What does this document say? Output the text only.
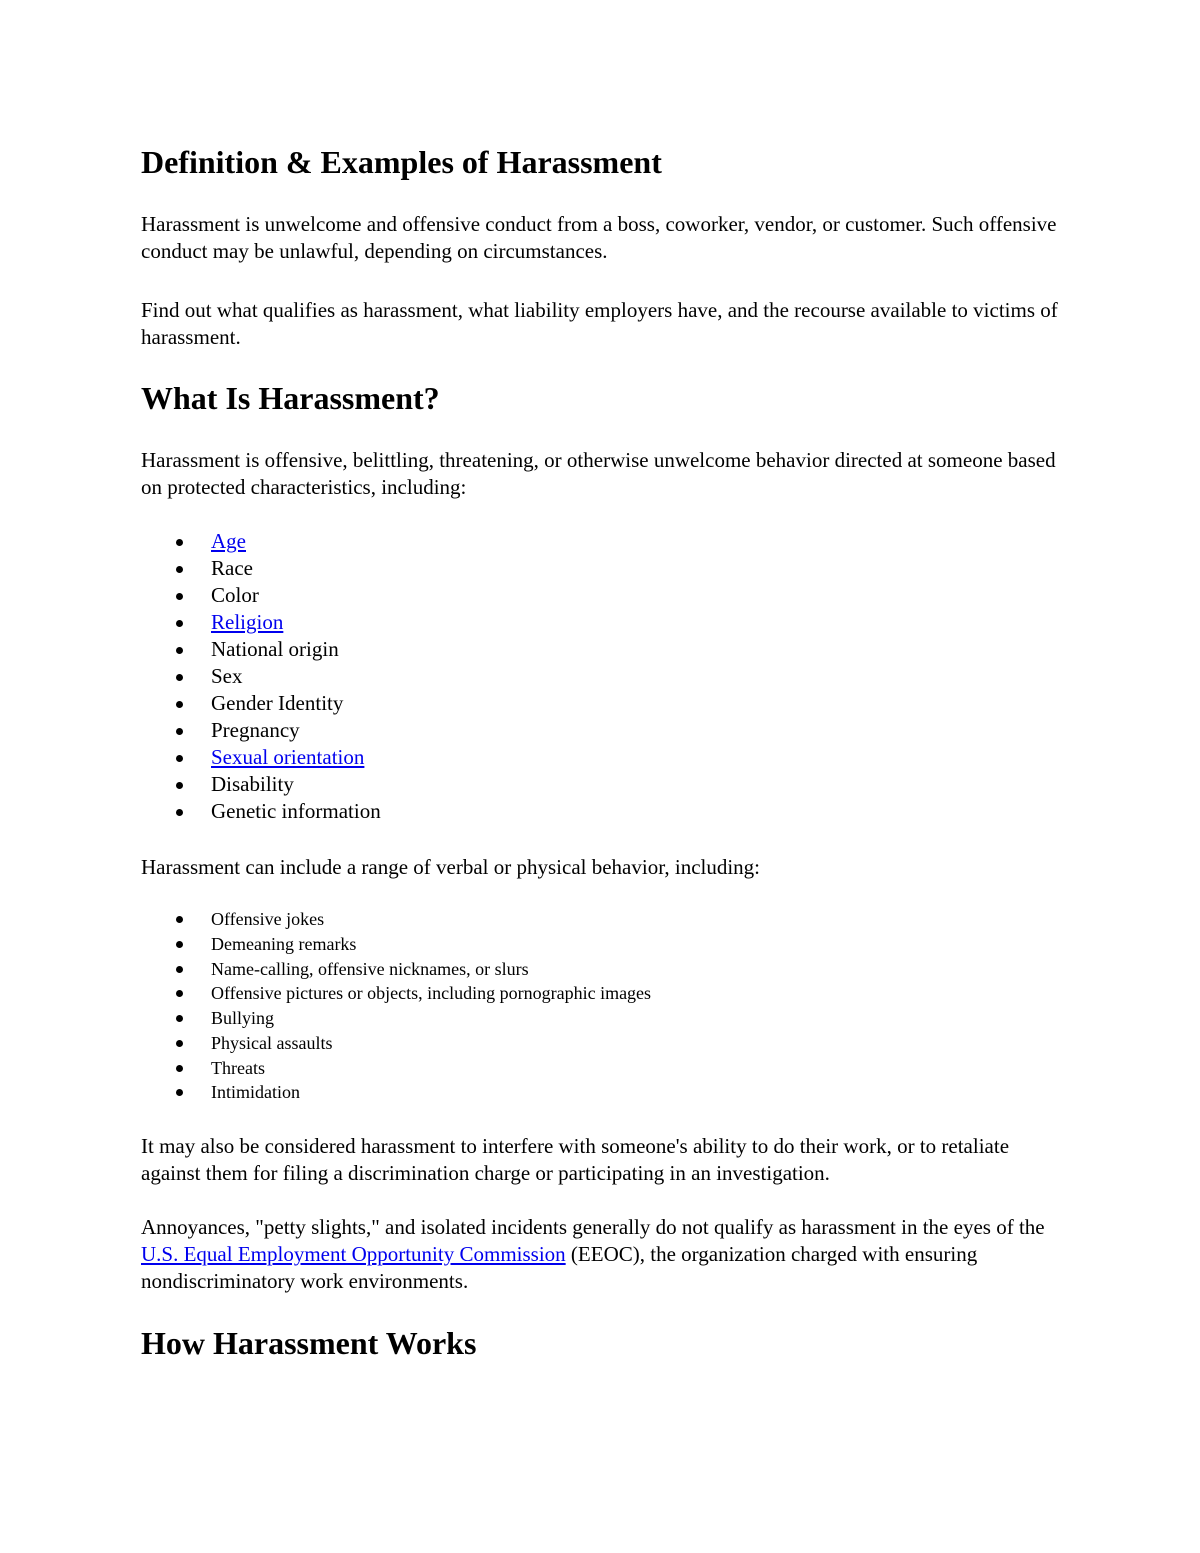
Definition & Examples of Harassment

Harassment is unwelcome and offensive conduct from a boss, coworker, vendor, or customer. Such offensive conduct may be unlawful, depending on circumstances.

Find out what qualifies as harassment, what liability employers have, and the recourse available to victims of harassment.

What Is Harassment?

Harassment is offensive, belittling, threatening, or otherwise unwelcome behavior directed at someone based on protected characteristics, including:

Age
Race
Color
Religion
National origin
Sex
Gender Identity
Pregnancy
Sexual orientation
Disability
Genetic information

Harassment can include a range of verbal or physical behavior, including:

Offensive jokes
Demeaning remarks
Name-calling, offensive nicknames, or slurs
Offensive pictures or objects, including pornographic images
Bullying
Physical assaults
Threats
Intimidation

It may also be considered harassment to interfere with someone's ability to do their work, or to retaliate against them for filing a discrimination charge or participating in an investigation.

Annoyances, "petty slights," and isolated incidents generally do not qualify as harassment in the eyes of the U.S. Equal Employment Opportunity Commission (EEOC), the organization charged with ensuring nondiscriminatory work environments.

How Harassment Works
